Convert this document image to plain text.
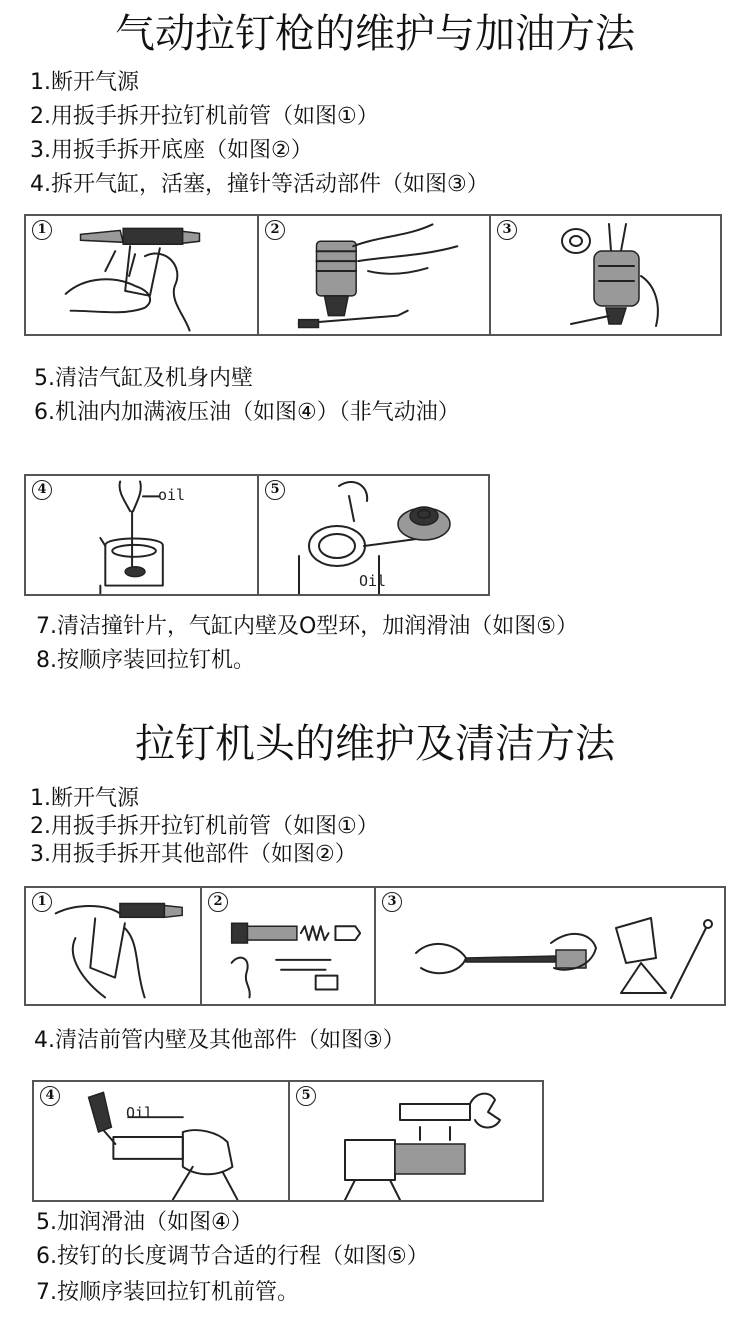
气动拉钉枪的维护与加油方法
1.断开气源
2.用扳手拆开拉钉机前管（如图①）
3.用扳手拆开底座（如图②）
4.拆开气缸，活塞，撞针等活动部件（如图③）
1	2	3
5.清洁气缸及机身内壁
6.机油内加满液压油（如图④）（非气动油）
4	oil	5
Oil
7.清洁撞针片，气缸内壁及O型环，加润滑油（如图⑤）
8.按顺序装回拉钉机。
拉钉机头的维护及清洁方法
1.断开气源
2.用扳手拆开拉钉机前管（如图①）
3.用扳手拆开其他部件（如图②）
1	2	3
4.清洁前管内壁及其他部件（如图③）
4
Oil
5
5.加润滑油（如图④）
6.按钉的长度调节合适的行程（如图⑤）
7.按顺序装回拉钉机前管。
